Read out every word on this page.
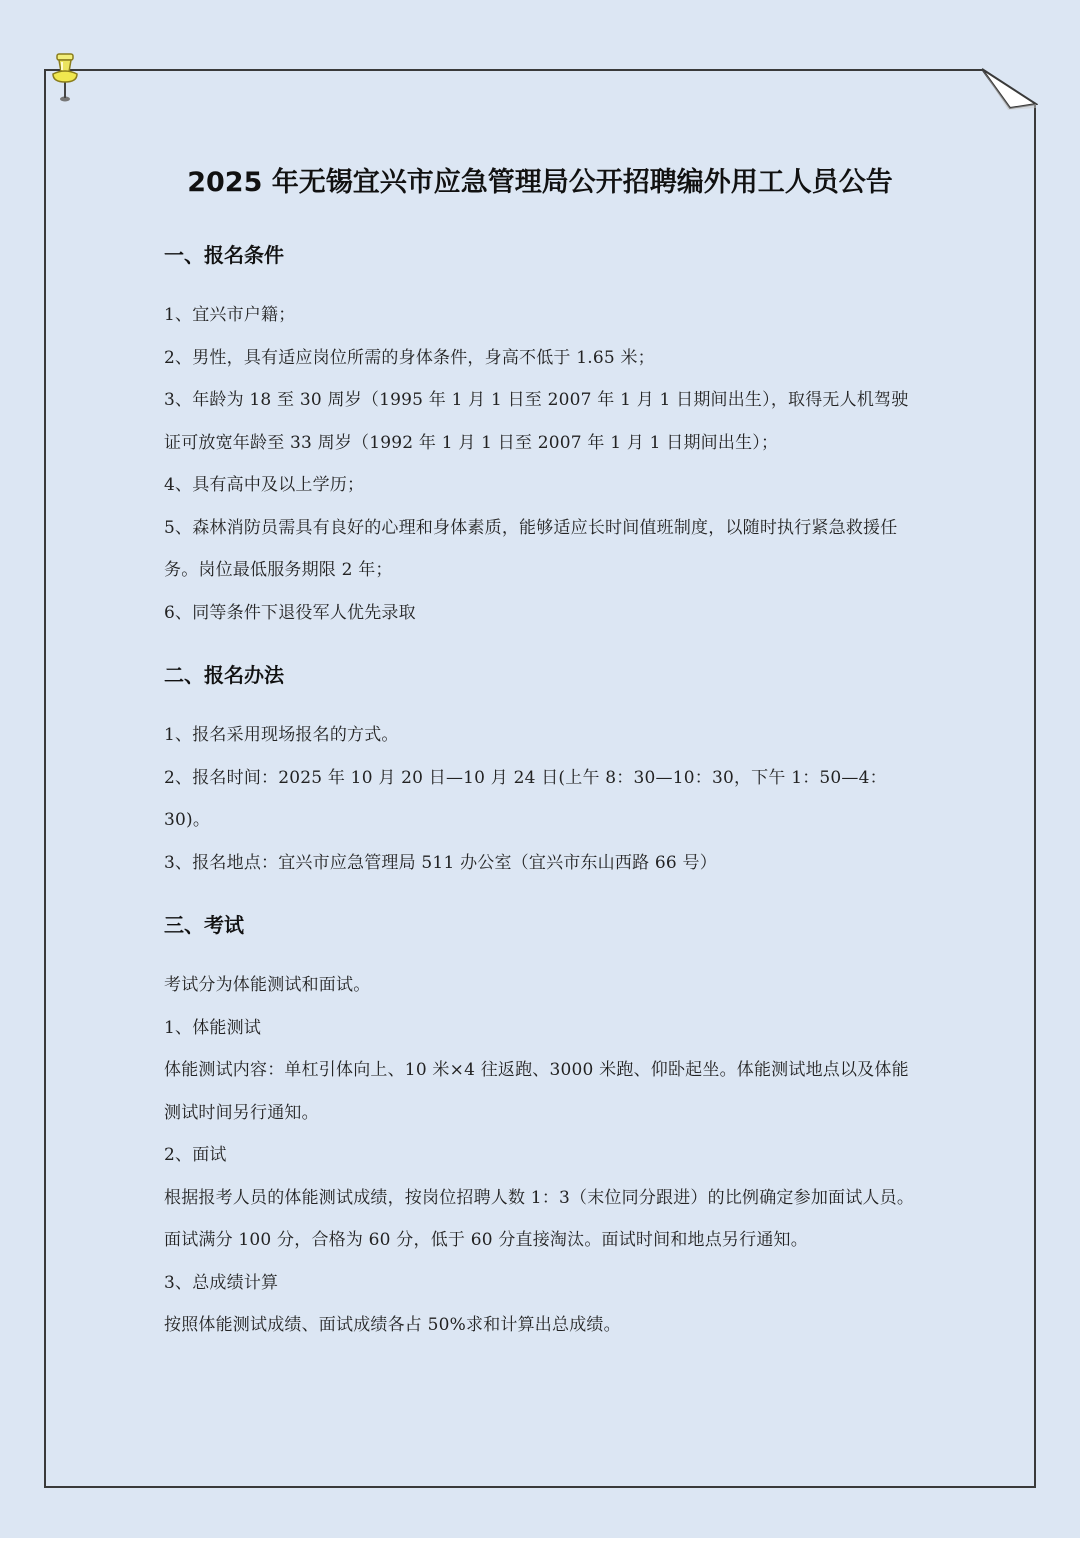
2025 年无锡宜兴市应急管理局公开招聘编外用工人员公告
一、报名条件
1、宜兴市户籍；
2、男性，具有适应岗位所需的身体条件，身高不低于 1.65 米；
3、年龄为 18 至 30 周岁（1995 年 1 月 1 日至 2007 年 1 月 1 日期间出生），取得无人机驾驶证可放宽年龄至 33 周岁（1992 年 1 月 1 日至 2007 年 1 月 1 日期间出生）；
4、具有高中及以上学历；
5、森林消防员需具有良好的心理和身体素质，能够适应长时间值班制度，以随时执行紧急救援任务。岗位最低服务期限 2 年；
6、同等条件下退役军人优先录取
二、报名办法
1、报名采用现场报名的方式。
2、报名时间：2025 年 10 月 20 日—10 月 24 日(上午 8：30—10：30，下午 1：50—4：30)。
3、报名地点：宜兴市应急管理局 511 办公室（宜兴市东山西路 66 号）
三、考试
考试分为体能测试和面试。
1、体能测试
体能测试内容：单杠引体向上、10 米×4 往返跑、3000 米跑、仰卧起坐。体能测试地点以及体能测试时间另行通知。
2、面试
根据报考人员的体能测试成绩，按岗位招聘人数 1：3（末位同分跟进）的比例确定参加面试人员。面试满分 100 分，合格为 60 分，低于 60 分直接淘汰。面试时间和地点另行通知。
3、总成绩计算
按照体能测试成绩、面试成绩各占 50%求和计算出总成绩。
